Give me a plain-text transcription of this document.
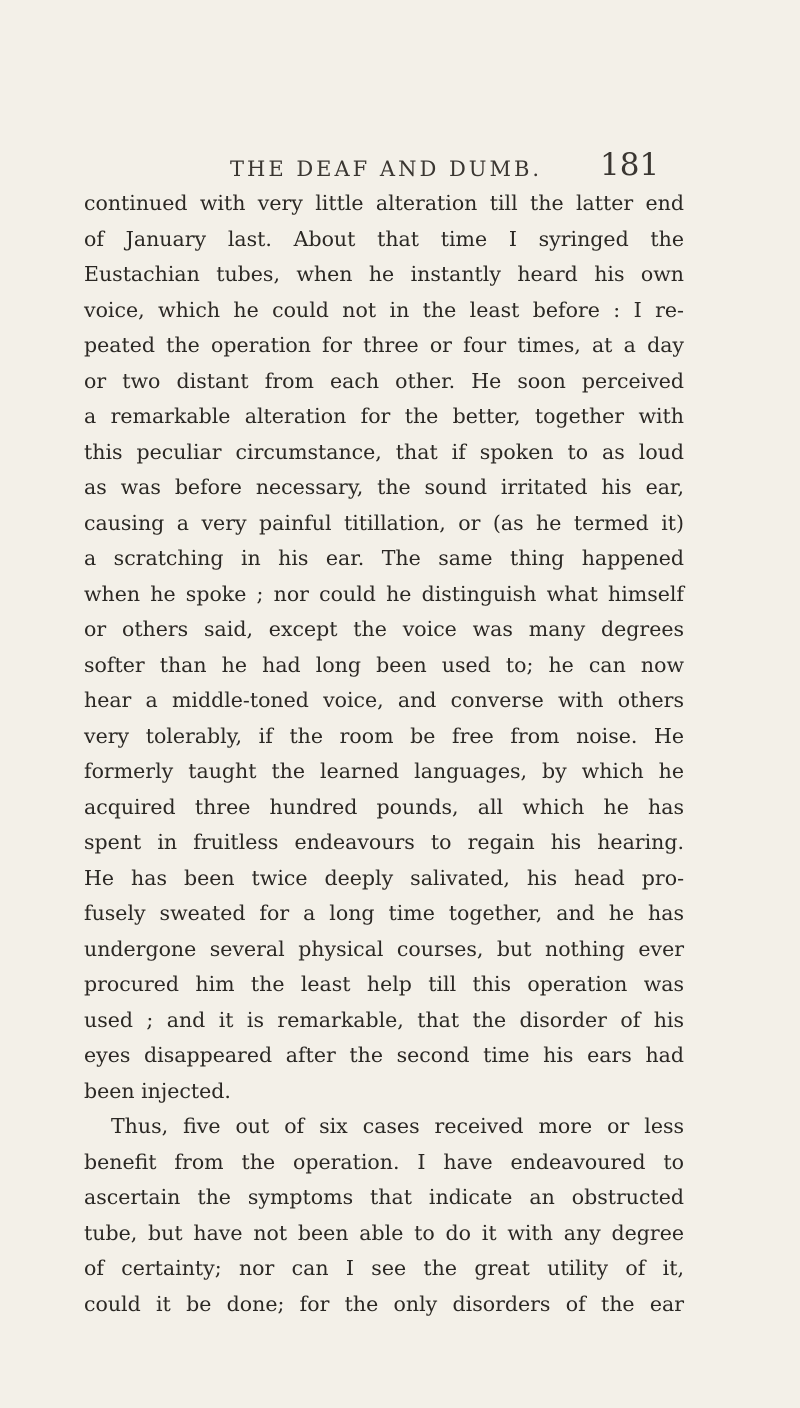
THE DEAF AND DUMB. 181
continued with very little alteration till the latter end
of January last. About that time I syringed the
Eustachian tubes, when he instantly heard his own
voice, which he could not in the least before : I re-
peated the operation for three or four times, at a day
or two distant from each other. He soon perceived
a remarkable alteration for the better, together with
this peculiar circumstance, that if spoken to as loud
as was before necessary, the sound irritated his ear,
causing a very painful titillation, or (as he termed it)
a scratching in his ear. The same thing happened
when he spoke ; nor could he distinguish what himself
or others said, except the voice was many degrees
softer than he had long been used to; he can now
hear a middle-toned voice, and converse with others
very tolerably, if the room be free from noise. He
formerly taught the learned languages, by which he
acquired three hundred pounds, all which he has
spent in fruitless endeavours to regain his hearing.
He has been twice deeply salivated, his head pro-
fusely sweated for a long time together, and he has
undergone several physical courses, but nothing ever
procured him the least help till this operation was
used ; and it is remarkable, that the disorder of his
eyes disappeared after the second time his ears had
been injected.
Thus, five out of six cases received more or less
benefit from the operation. I have endeavoured to
ascertain the symptoms that indicate an obstructed
tube, but have not been able to do it with any degree
of certainty; nor can I see the great utility of it,
could it be done; for the only disorders of the ear
